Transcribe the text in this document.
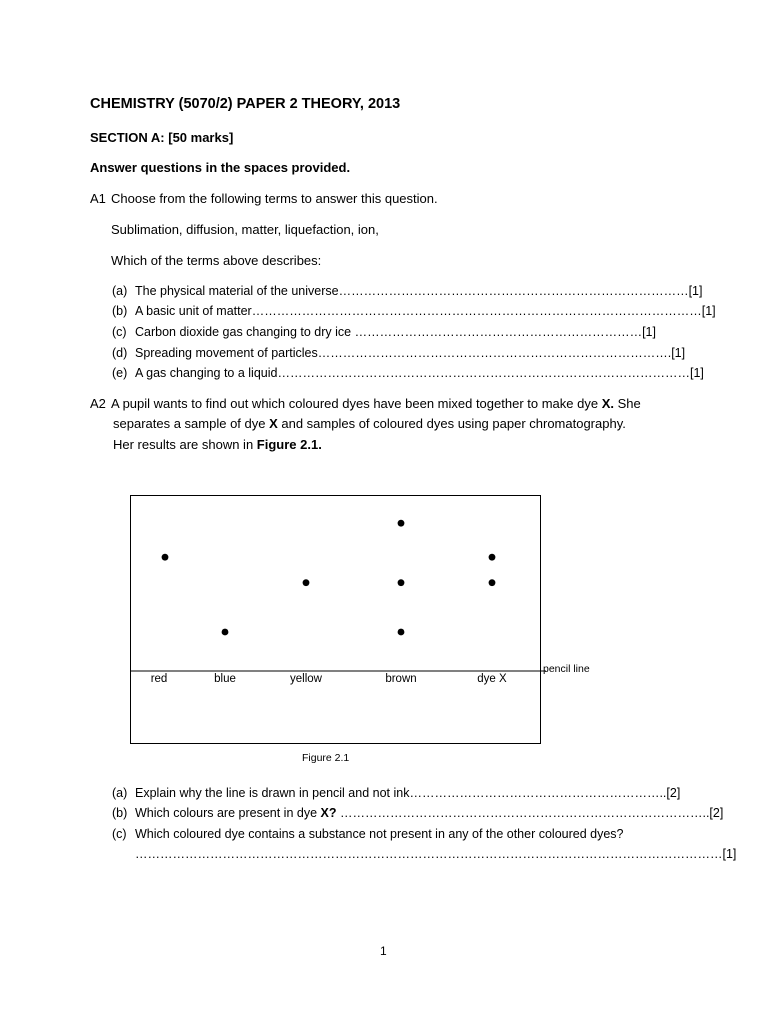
CHEMISTRY (5070/2) PAPER 2 THEORY, 2013
SECTION A: [50 marks]
Answer questions in the spaces provided.
A1 Choose from the following terms to answer this question.
Sublimation, diffusion, matter, liquefaction, ion,
Which of the terms above describes:
(a) The physical material of the universe…………………………………………………………………………[1]
(b) A basic unit of matter………………………………………………………………………………………………[1]
(c) Carbon dioxide gas changing to dry ice ……………………………………………………………[1]
(d) Spreading movement of particles………………………………………………………………………….[1]
(e) A gas changing to a liquid………………………………………………………………………………………[1]
A2 A pupil wants to find out which coloured dyes have been mixed together to make dye X. She
separates a sample of dye X and samples of coloured dyes using paper chromatography.
Her results are shown in Figure 2.1.
red	blue	yellow	brown	dye X
pencil line
Figure 2.1
(a) Explain why the line is drawn in pencil and not ink……………………………………………………..[2]
(b) Which colours are present in dye X? ……………………………………………………………………………..[2]
(c) Which coloured dye contains a substance not present in any of the other coloured dyes?
……………………………………………………………………………………………………………………………[1]
1
